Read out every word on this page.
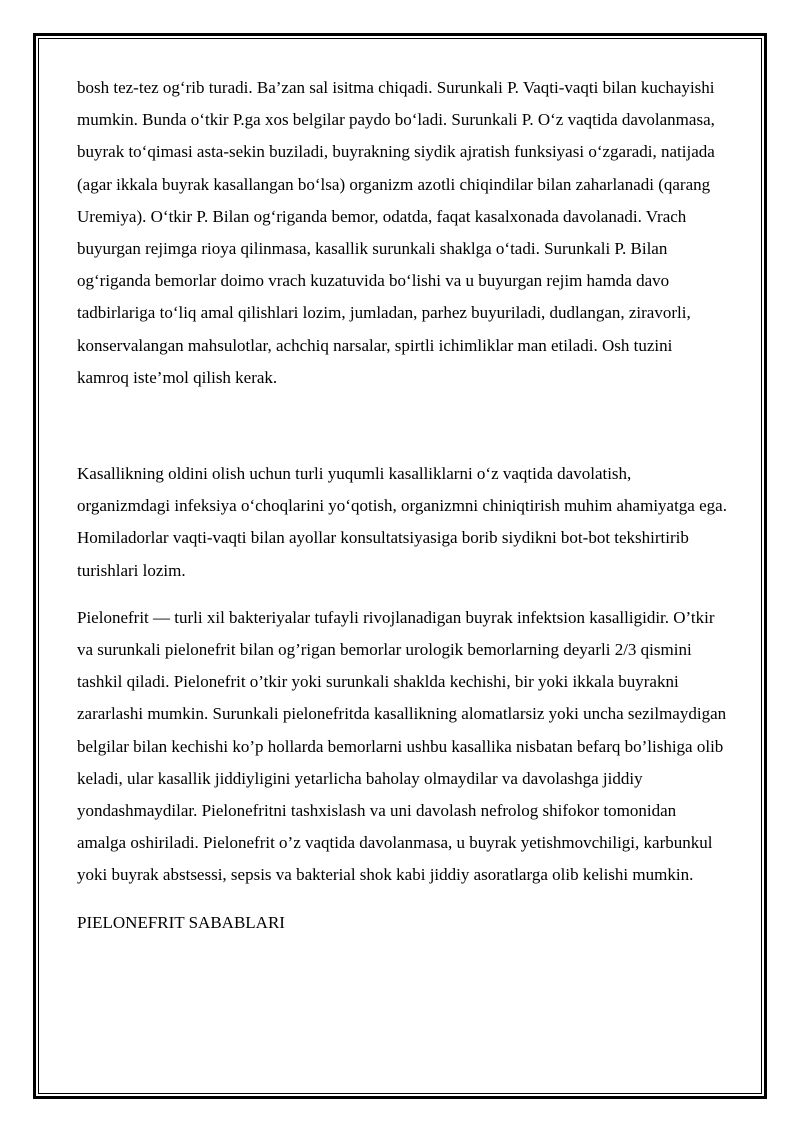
bosh tez-tez og‘rib turadi. Ba’zan sal isitma chiqadi. Surunkali P. Vaqti-vaqti bilan kuchayishi mumkin. Bunda o‘tkir P.ga xos belgilar paydo bo‘ladi. Surunkali P. O‘z vaqtida davolanmasa, buyrak to‘qimasi asta-sekin buziladi, buyrakning siydik ajratish funksiyasi o‘zgaradi, natijada (agar ikkala buyrak kasallangan bo‘lsa) organizm azotli chiqindilar bilan zaharlanadi (qarang Uremiya). O‘tkir P. Bilan og‘riganda bemor, odatda, faqat kasalxonada davolanadi. Vrach buyurgan rejimga rioya qilinmasa, kasallik surunkali shaklga o‘tadi. Surunkali P. Bilan og‘riganda bemorlar doimo vrach kuzatuvida bo‘lishi va u buyurgan rejim hamda davo tadbirlariga to‘liq amal qilishlari lozim, jumladan, parhez buyuriladi, dudlangan, ziravorli, konservalangan mahsulotlar, achchiq narsalar, spirtli ichimliklar man etiladi. Osh tuzini kamroq iste’mol qilish kerak.

Kasallikning oldini olish uchun turli yuqumli kasalliklarni o‘z vaqtida davolatish, organizmdagi infeksiya o‘choqlarini yo‘qotish, organizmni chiniqtirish muhim ahamiyatga ega. Homiladorlar vaqti-vaqti bilan ayollar konsultatsiyasiga borib siydikni bot-bot tekshirtirib turishlari lozim.

Pielonefrit — turli xil bakteriyalar tufayli rivojlanadigan buyrak infektsion kasalligidir. O’tkir va surunkali pielonefrit bilan og’rigan bemorlar urologik bemorlarning deyarli 2/3 qismini tashkil qiladi. Pielonefrit o’tkir yoki surunkali shaklda kechishi, bir yoki ikkala buyrakni zararlashi mumkin. Surunkali pielonefritda kasallikning alomatlarsiz yoki uncha sezilmaydigan belgilar bilan kechishi ko’p hollarda bemorlarni ushbu kasallika nisbatan befarq bo’lishiga olib keladi, ular kasallik jiddiyligini yetarlicha baholay olmaydilar va davolashga jiddiy yondashmaydilar. Pielonefritni tashxislash va uni davolash nefrolog shifokor tomonidan amalga oshiriladi. Pielonefrit o’z vaqtida davolanmasa, u buyrak yetishmovchiligi, karbunkul yoki buyrak abstsessi, sepsis va bakterial shok kabi jiddiy asoratlarga olib kelishi mumkin.

PIELONEFRIT SABABLARI
